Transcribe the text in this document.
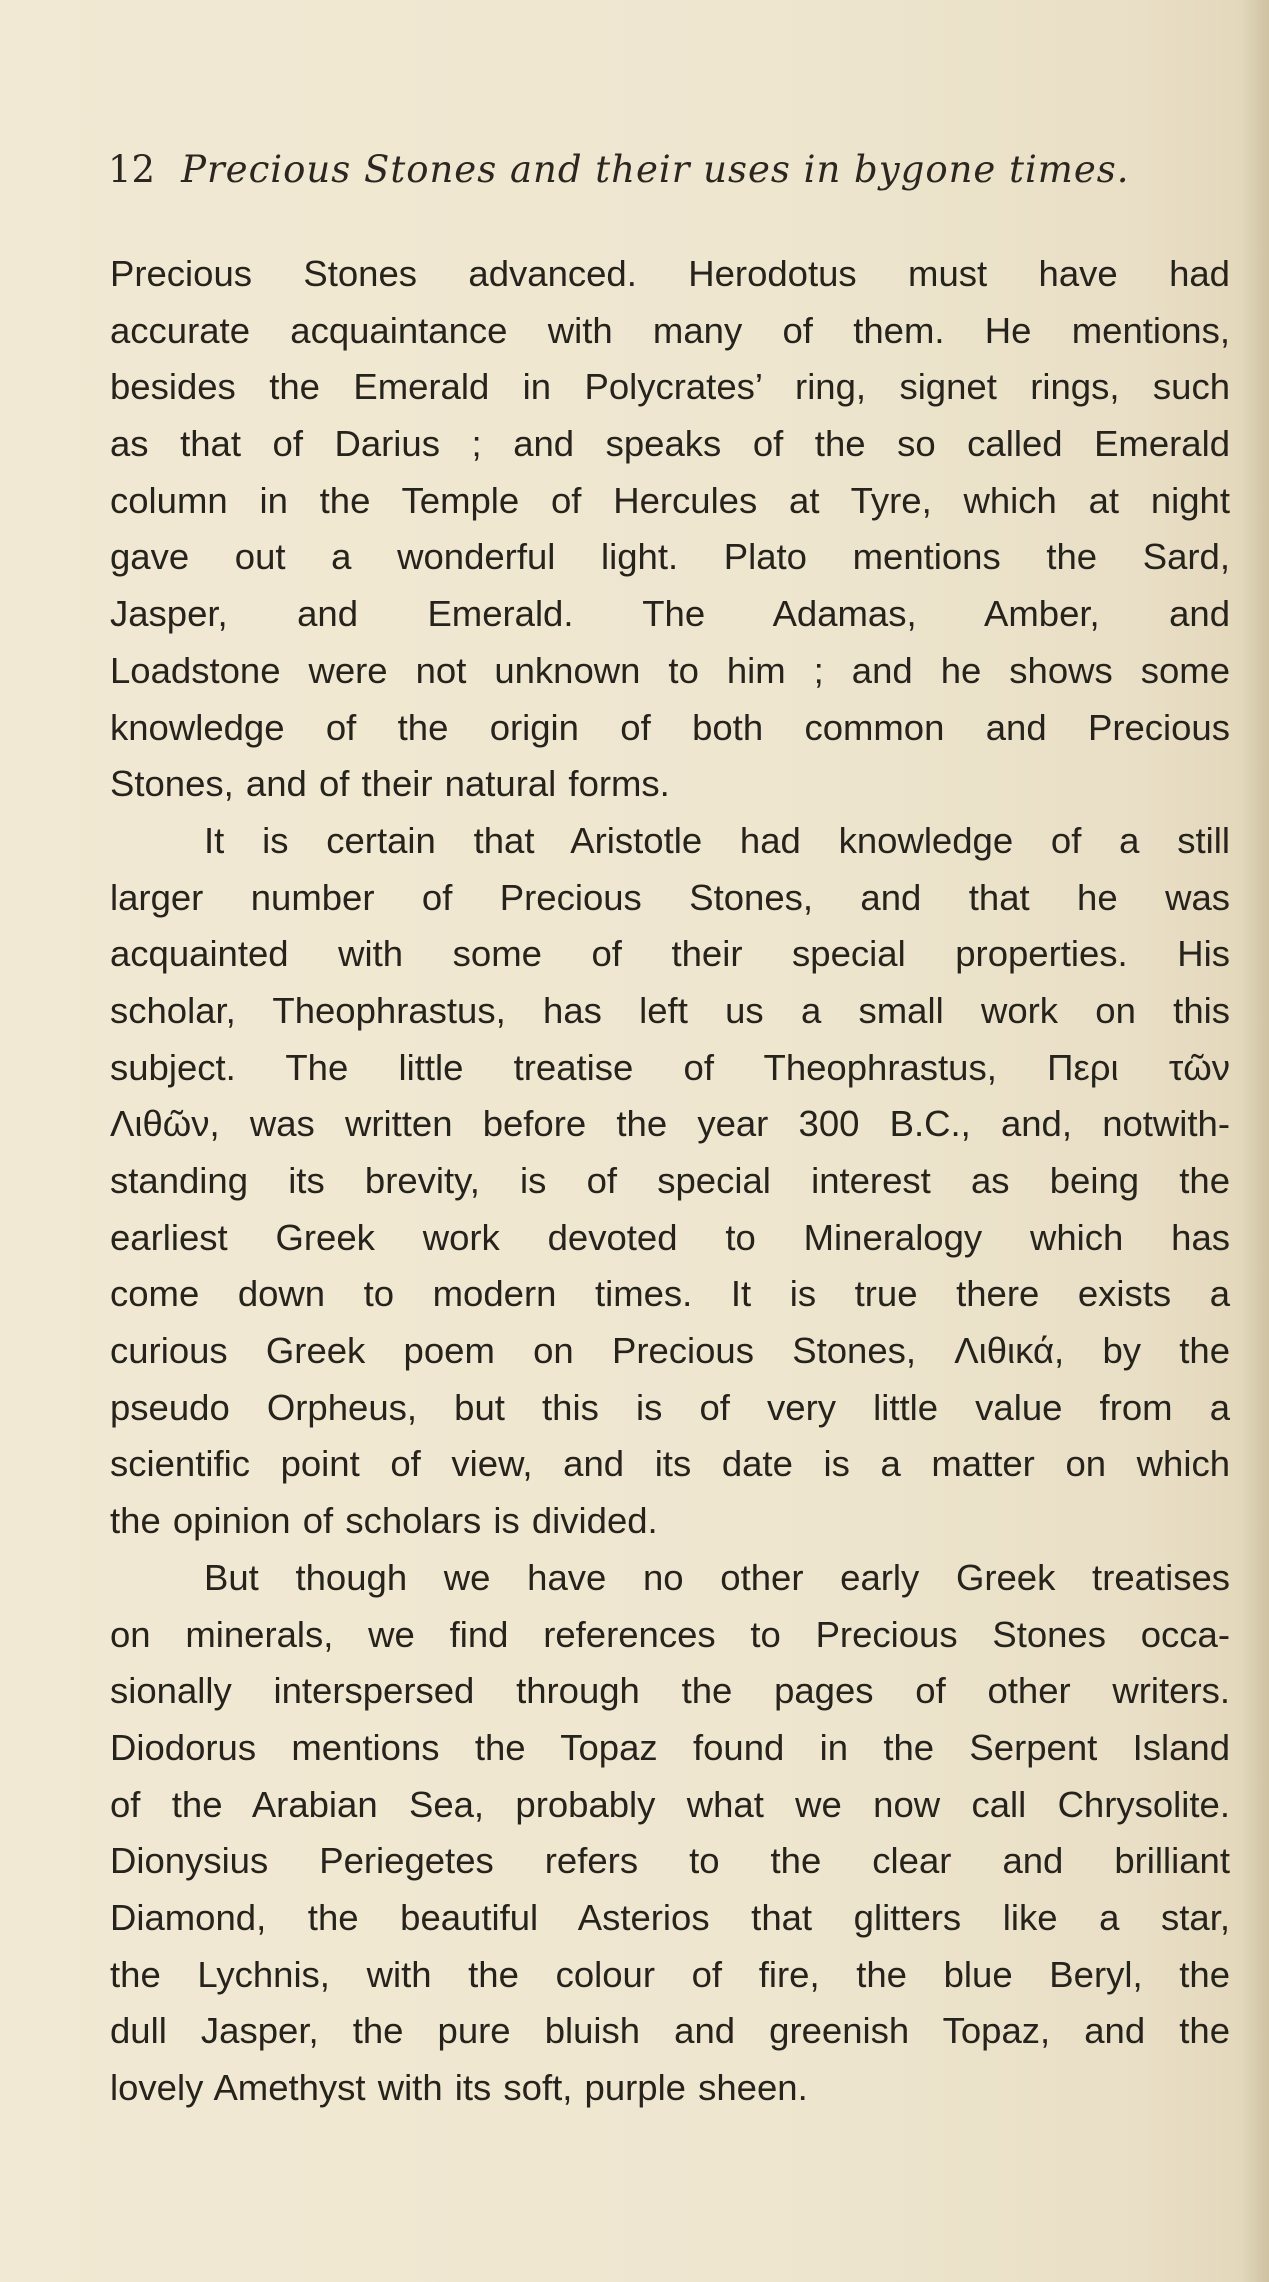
12 Precious Stones and their uses in bygone times.
Precious Stones advanced. Herodotus must have had
accurate acquaintance with many of them. He mentions,
besides the Emerald in Polycrates’ ring, signet rings, such
as that of Darius ; and speaks of the so called Emerald
column in the Temple of Hercules at Tyre, which at night
gave out a wonderful light. Plato mentions the Sard,
Jasper, and Emerald. The Adamas, Amber, and
Loadstone were not unknown to him ; and he shows some
knowledge of the origin of both common and Precious
Stones, and of their natural forms.
It is certain that Aristotle had knowledge of a still
larger number of Precious Stones, and that he was
acquainted with some of their special properties. His
scholar, Theophrastus, has left us a small work on this
subject. The little treatise of Theophrastus, Περι τῶν
Λιθῶν, was written before the year 300 B.C., and, notwith-
standing its brevity, is of special interest as being the
earliest Greek work devoted to Mineralogy which has
come down to modern times. It is true there exists a
curious Greek poem on Precious Stones, Λιθικά, by the
pseudo Orpheus, but this is of very little value from a
scientific point of view, and its date is a matter on which
the opinion of scholars is divided.
But though we have no other early Greek treatises
on minerals, we find references to Precious Stones occa-
sionally interspersed through the pages of other writers.
Diodorus mentions the Topaz found in the Serpent Island
of the Arabian Sea, probably what we now call Chrysolite.
Dionysius Periegetes refers to the clear and brilliant
Diamond, the beautiful Asterios that glitters like a star,
the Lychnis, with the colour of fire, the blue Beryl, the
dull Jasper, the pure bluish and greenish Topaz, and the
lovely Amethyst with its soft, purple sheen.
